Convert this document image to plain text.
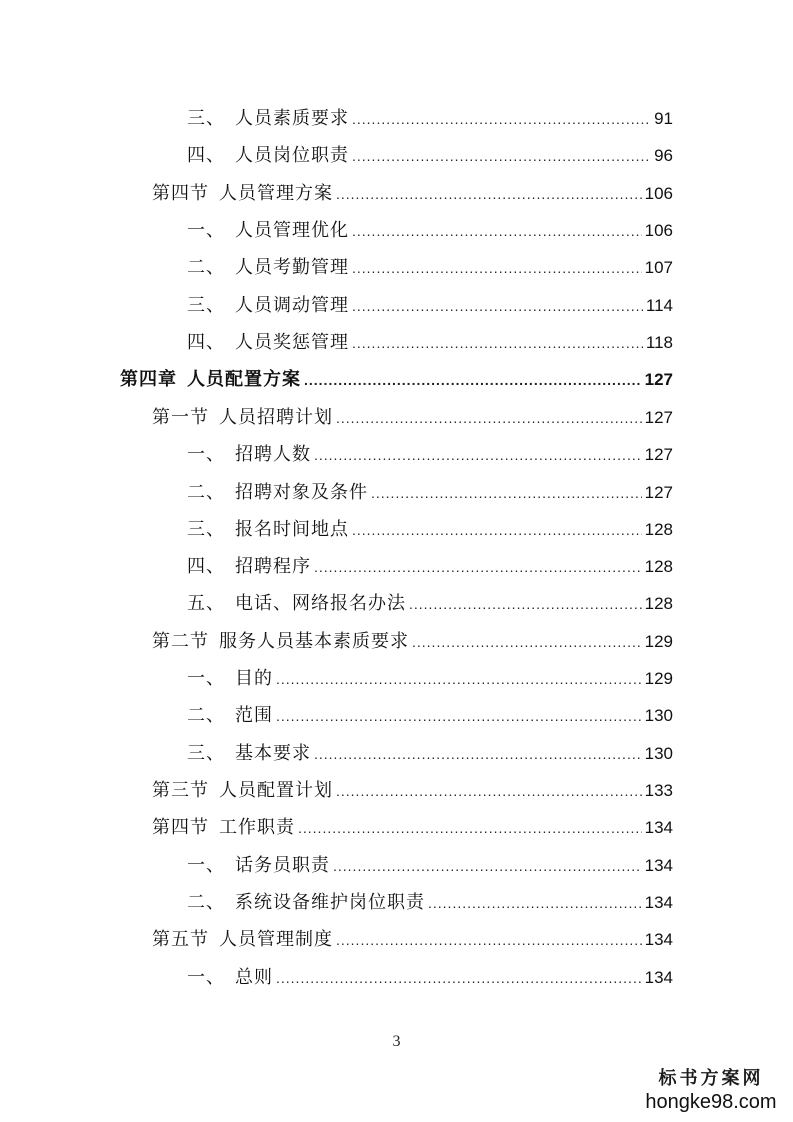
三、 人员素质要求 .....	91
四、 人员岗位职责 .....	96
第四节 人员管理方案 .....	106
一、 人员管理优化 .....	106
二、 人员考勤管理 .....	107
三、 人员调动管理 .....	114
四、 人员奖惩管理 .....	118
第四章 人员配置方案 .....	127
第一节 人员招聘计划 .....	127
一、 招聘人数 .....	127
二、 招聘对象及条件 .....	127
三、 报名时间地点 .....	128
四、 招聘程序 .....	128
五、 电话、网络报名办法 .....	128
第二节 服务人员基本素质要求 .....	129
一、 目的 .....	129
二、 范围 .....	130
三、 基本要求 .....	130
第三节 人员配置计划 .....	133
第四节 工作职责 .....	134
一、 话务员职责 .....	134
二、 系统设备维护岗位职责 .....	134
第五节 人员管理制度 .....	134
一、 总则 .....	134
3
标书方案网
hongke98.com
